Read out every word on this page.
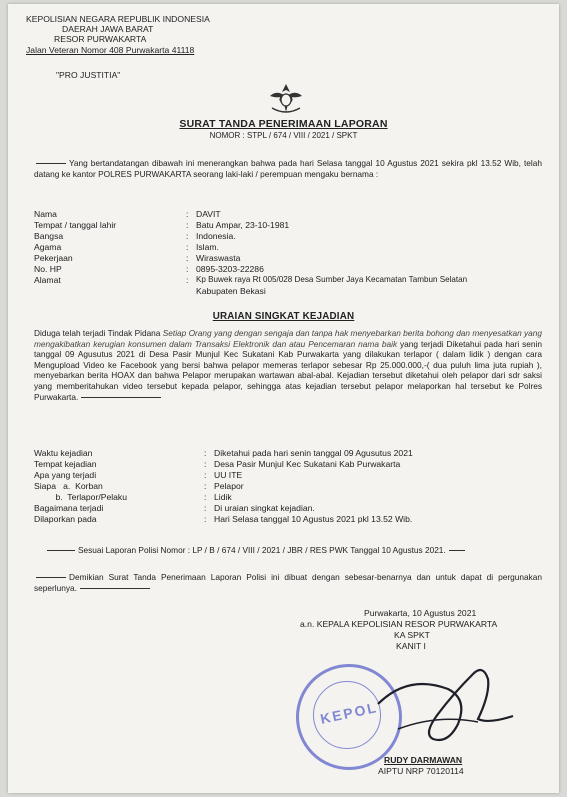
KEPOLISIAN NEGARA REPUBLIK INDONESIA
DAERAH JAWA BARAT
RESOR PURWAKARTA
Jalan Veteran Nomor 408 Purwakarta 41118
"PRO JUSTITIA"
SURAT TANDA PENERIMAAN LAPORAN
NOMOR : STPL / 674 / VIII / 2021 / SPKT
Yang bertandatangan dibawah ini menerangkan bahwa pada hari Selasa tanggal 10 Agustus 2021 sekira pkl 13.52 Wib, telah datang ke kantor POLRES PURWAKARTA seorang laki-laki / perempuan mengaku bernama :
Nama	: DAVIT
Tempat / tanggal lahir	: Batu Ampar, 23-10-1981
Bangsa	: Indonesia.
Agama	: Islam.
Pekerjaan	: Wiraswasta
No. HP	: 0895-3203-22286
Alamat	: Kp Buwek raya Rt 005/028 Desa Sumber Jaya Kecamatan Tambun Selatan
Kabupaten Bekasi
URAIAN SINGKAT KEJADIAN
Diduga telah terjadi Tindak Pidana Setiap Orang yang dengan sengaja dan tanpa hak menyebarkan berita bohong dan menyesatkan yang mengakibatkan kerugian konsumen dalam Transaksi Elektronik dan atau Pencemaran nama baik yang terjadi Diketahui pada hari senin tanggal 09 Agusutus 2021 di Desa Pasir Munjul Kec Sukatani Kab Purwakarta yang dilakukan terlapor ( dalam lidik ) dengan cara Mengupload Video ke Facebook yang bersi bahwa pelapor memeras terlapor sebesar Rp 25.000.000,-( dua puluh lima juta rupiah ), menyebarkan berita HOAX dan bahwa Pelapor merupakan wartawan abal-abal. Kejadian tersebut diketahui oleh pelapor dari sdr saksi yang memberitahukan video tersebut kepada pelapor, sehingga atas kejadian tersebut pelapor melaporkan hal tersebut ke Polres Purwakarta.
Waktu kejadian	: Diketahui pada hari senin tanggal 09 Agusutus 2021
Tempat kejadian	: Desa Pasir Munjul Kec Sukatani Kab Purwakarta
Apa yang terjadi	: UU ITE
Siapa   a.  Korban	: Pelapor
b.  Terlapor/Pelaku	: Lidik
Bagaimana terjadi	: Di uraian singkat kejadian.
Dilaporkan pada	: Hari Selasa tanggal 10 Agustus 2021 pkl 13.52 Wib.
Sesuai Laporan Polisi Nomor : LP / B / 674 / VIII / 2021 / JBR / RES PWK Tanggal 10 Agustus 2021.
Demikian Surat Tanda Penerimaan Laporan Polisi ini dibuat dengan sebesar-benarnya dan untuk dapat di pergunakan seperlunya.
Purwakarta, 10 Agustus 2021
a.n. KEPALA KEPOLISIAN RESOR PURWAKARTA
KA SPKT
KANIT I
KEPOL
RUDY DARMAWAN
AIPTU NRP 70120114
